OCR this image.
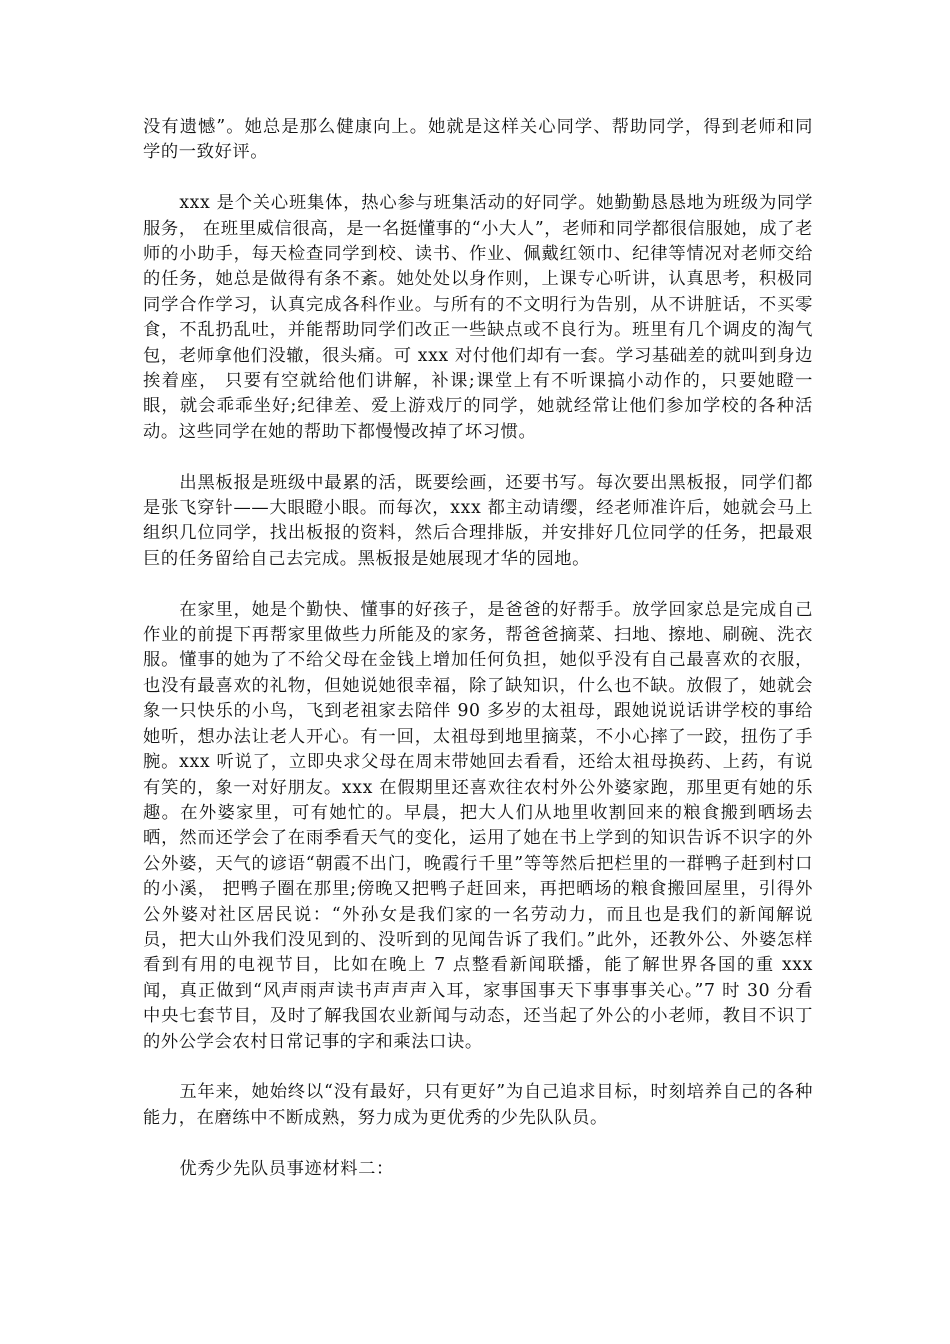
没有遗憾”。她总是那么健康向上。她就是这样关心同学、帮助同学，得到老师和同学的一致好评。

xxx 是个关心班集体，热心参与班集活动的好同学。她勤勤恳恳地为班级为同学服务， 在班里威信很高，是一名挺懂事的“小大人”，老师和同学都很信服她，成了老师的小助手，每天检查同学到校、读书、作业、佩戴红领巾、纪律等情况对老师交给的任务，她总是做得有条不紊。她处处以身作则，上课专心听讲，认真思考，积极同同学合作学习，认真完成各科作业。与所有的不文明行为告别，从不讲脏话，不买零食，不乱扔乱吐，并能帮助同学们改正一些缺点或不良行为。班里有几个调皮的淘气包，老师拿他们没辙，很头痛。可 xxx 对付他们却有一套。学习基础差的就叫到身边挨着座， 只要有空就给他们讲解，补课;课堂上有不听课搞小动作的，只要她瞪一眼，就会乖乖坐好;纪律差、爱上游戏厅的同学，她就经常让他们参加学校的各种活动。这些同学在她的帮助下都慢慢改掉了坏习惯。

出黑板报是班级中最累的活，既要绘画，还要书写。每次要出黑板报，同学们都是张飞穿针——大眼瞪小眼。而每次，xxx 都主动请缨，经老师准许后，她就会马上组织几位同学，找出板报的资料，然后合理排版，并安排好几位同学的任务，把最艰巨的任务留给自己去完成。黑板报是她展现才华的园地。

在家里，她是个勤快、懂事的好孩子，是爸爸的好帮手。放学回家总是完成自己作业的前提下再帮家里做些力所能及的家务，帮爸爸摘菜、扫地、擦地、刷碗、洗衣服。懂事的她为了不给父母在金钱上增加任何负担，她似乎没有自己最喜欢的衣服，也没有最喜欢的礼物，但她说她很幸福，除了缺知识，什么也不缺。放假了，她就会象一只快乐的小鸟，飞到老祖家去陪伴 90 多岁的太祖母，跟她说说话讲学校的事给她听，想办法让老人开心。有一回，太祖母到地里摘菜，不小心摔了一跤，扭伤了手腕。xxx 听说了，立即央求父母在周末带她回去看看，还给太祖母换药、上药，有说有笑的，象一对好朋友。xxx 在假期里还喜欢往农村外公外婆家跑，那里更有她的乐趣。在外婆家里，可有她忙的。早晨，把大人们从地里收割回来的粮食搬到晒场去晒，然而还学会了在雨季看天气的变化，运用了她在书上学到的知识告诉不识字的外公外婆，天气的谚语“朝霞不出门，晚霞行千里”等等然后把栏里的一群鸭子赶到村口的小溪， 把鸭子圈在那里;傍晚又把鸭子赶回来，再把晒场的粮食搬回屋里，引得外公外婆对社区居民说：“外孙女是我们家的一名劳动力，而且也是我们的新闻解说员，把大山外我们没见到的、没听到的见闻告诉了我们。”此外，还教外公、外婆怎样看到有用的电视节目，比如在晚上 7 点整看新闻联播，能了解世界各国的重 xxx 闻，真正做到“风声雨声读书声声声入耳，家事国事天下事事事关心。”7 时 30 分看中央七套节目，及时了解我国农业新闻与动态，还当起了外公的小老师，教目不识丁的外公学会农村日常记事的字和乘法口诀。

五年来，她始终以“没有最好，只有更好”为自己追求目标，时刻培养自己的各种能力，在磨练中不断成熟，努力成为更优秀的少先队队员。

优秀少先队员事迹材料二：
